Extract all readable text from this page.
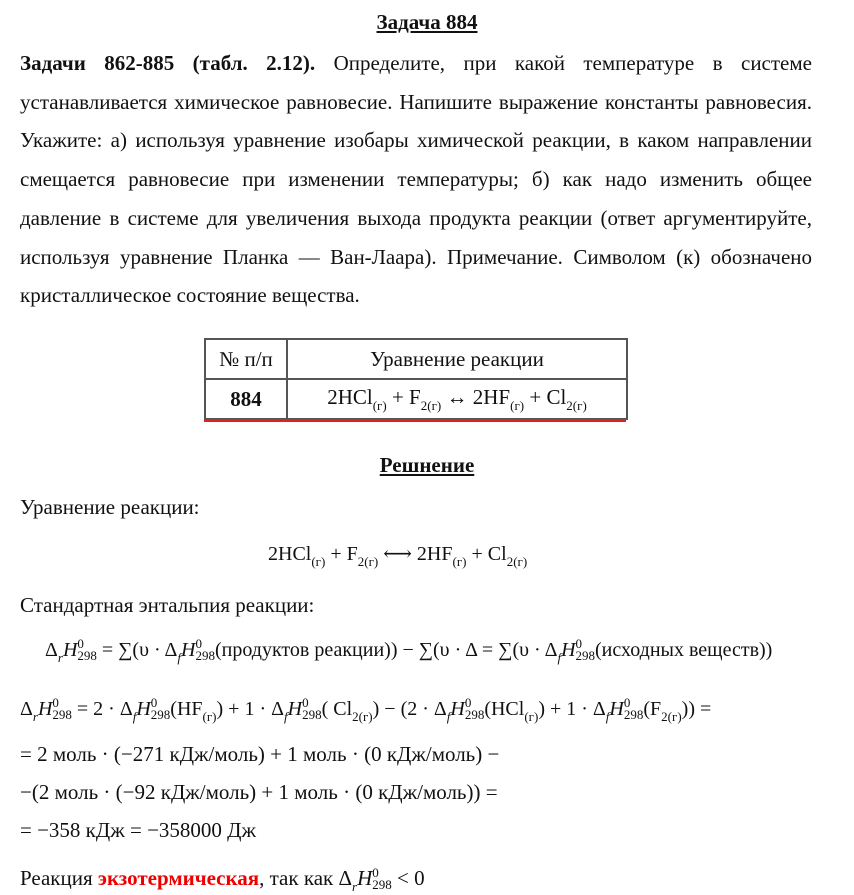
Задача 884
Задачи 862-885 (табл. 2.12). Определите, при какой температуре в системе устанавливается химическое равновесие. Напишите выражение константы равновесия. Укажите: а) используя уравнение изобары химической реакции, в каком направлении смещается равновесие при изменении температуры; б) как надо изменить общее давление в системе для увеличения выхода продукта реакции (ответ аргументируйте, используя уравнение Планка — Ван-Лаара). Примечание. Символом (к) обозначено кристаллическое состояние вещества.
№ п/п	Уравнение реакции
884	$2HCl_{(г)} + F_{2(г)}$ ↔ $2HF_{(г)} + Cl_{2(г)}$
Решнение
Уравнение реакции:
$2HCl_{(г)} + F_{2(г)}$ ⟷ $2HF_{(г)} + Cl_{2(г)}$
Стандартная энтальпия реакции:
$\Delta_rH$ 0
$298 = \sum(\upsilon \cdot \Delta_fH$ 0
298 (продуктов реакции)) − $\sum(\upsilon \cdot \Delta = \sum(\upsilon \cdot \Delta_fH$ 0
298 (исходных веществ))
$\Delta_rH$ 0
$298 = 2 \cdot \Delta_fH$ 0
298 $(HF_{(г)}) + 1 \cdot \Delta_fH$ 0
298 ( $Cl_{2(г)}) - (2 \cdot \Delta_fH$ 0
298 $(HCl_{(г)}) + 1 \cdot \Delta_fH$ 0
298 $(F_{2(г)})$) =
= 2 моль · (−271 кДж/моль) + 1 моль · (0 кДж/моль) −
−(2 моль · (−92 кДж/моль) + 1 моль · (0 кДж/моль)) =
= −358 кДж = −358000 Дж
Реакция экзотермическая, так как $\Delta_rH$ 0
298 < 0
